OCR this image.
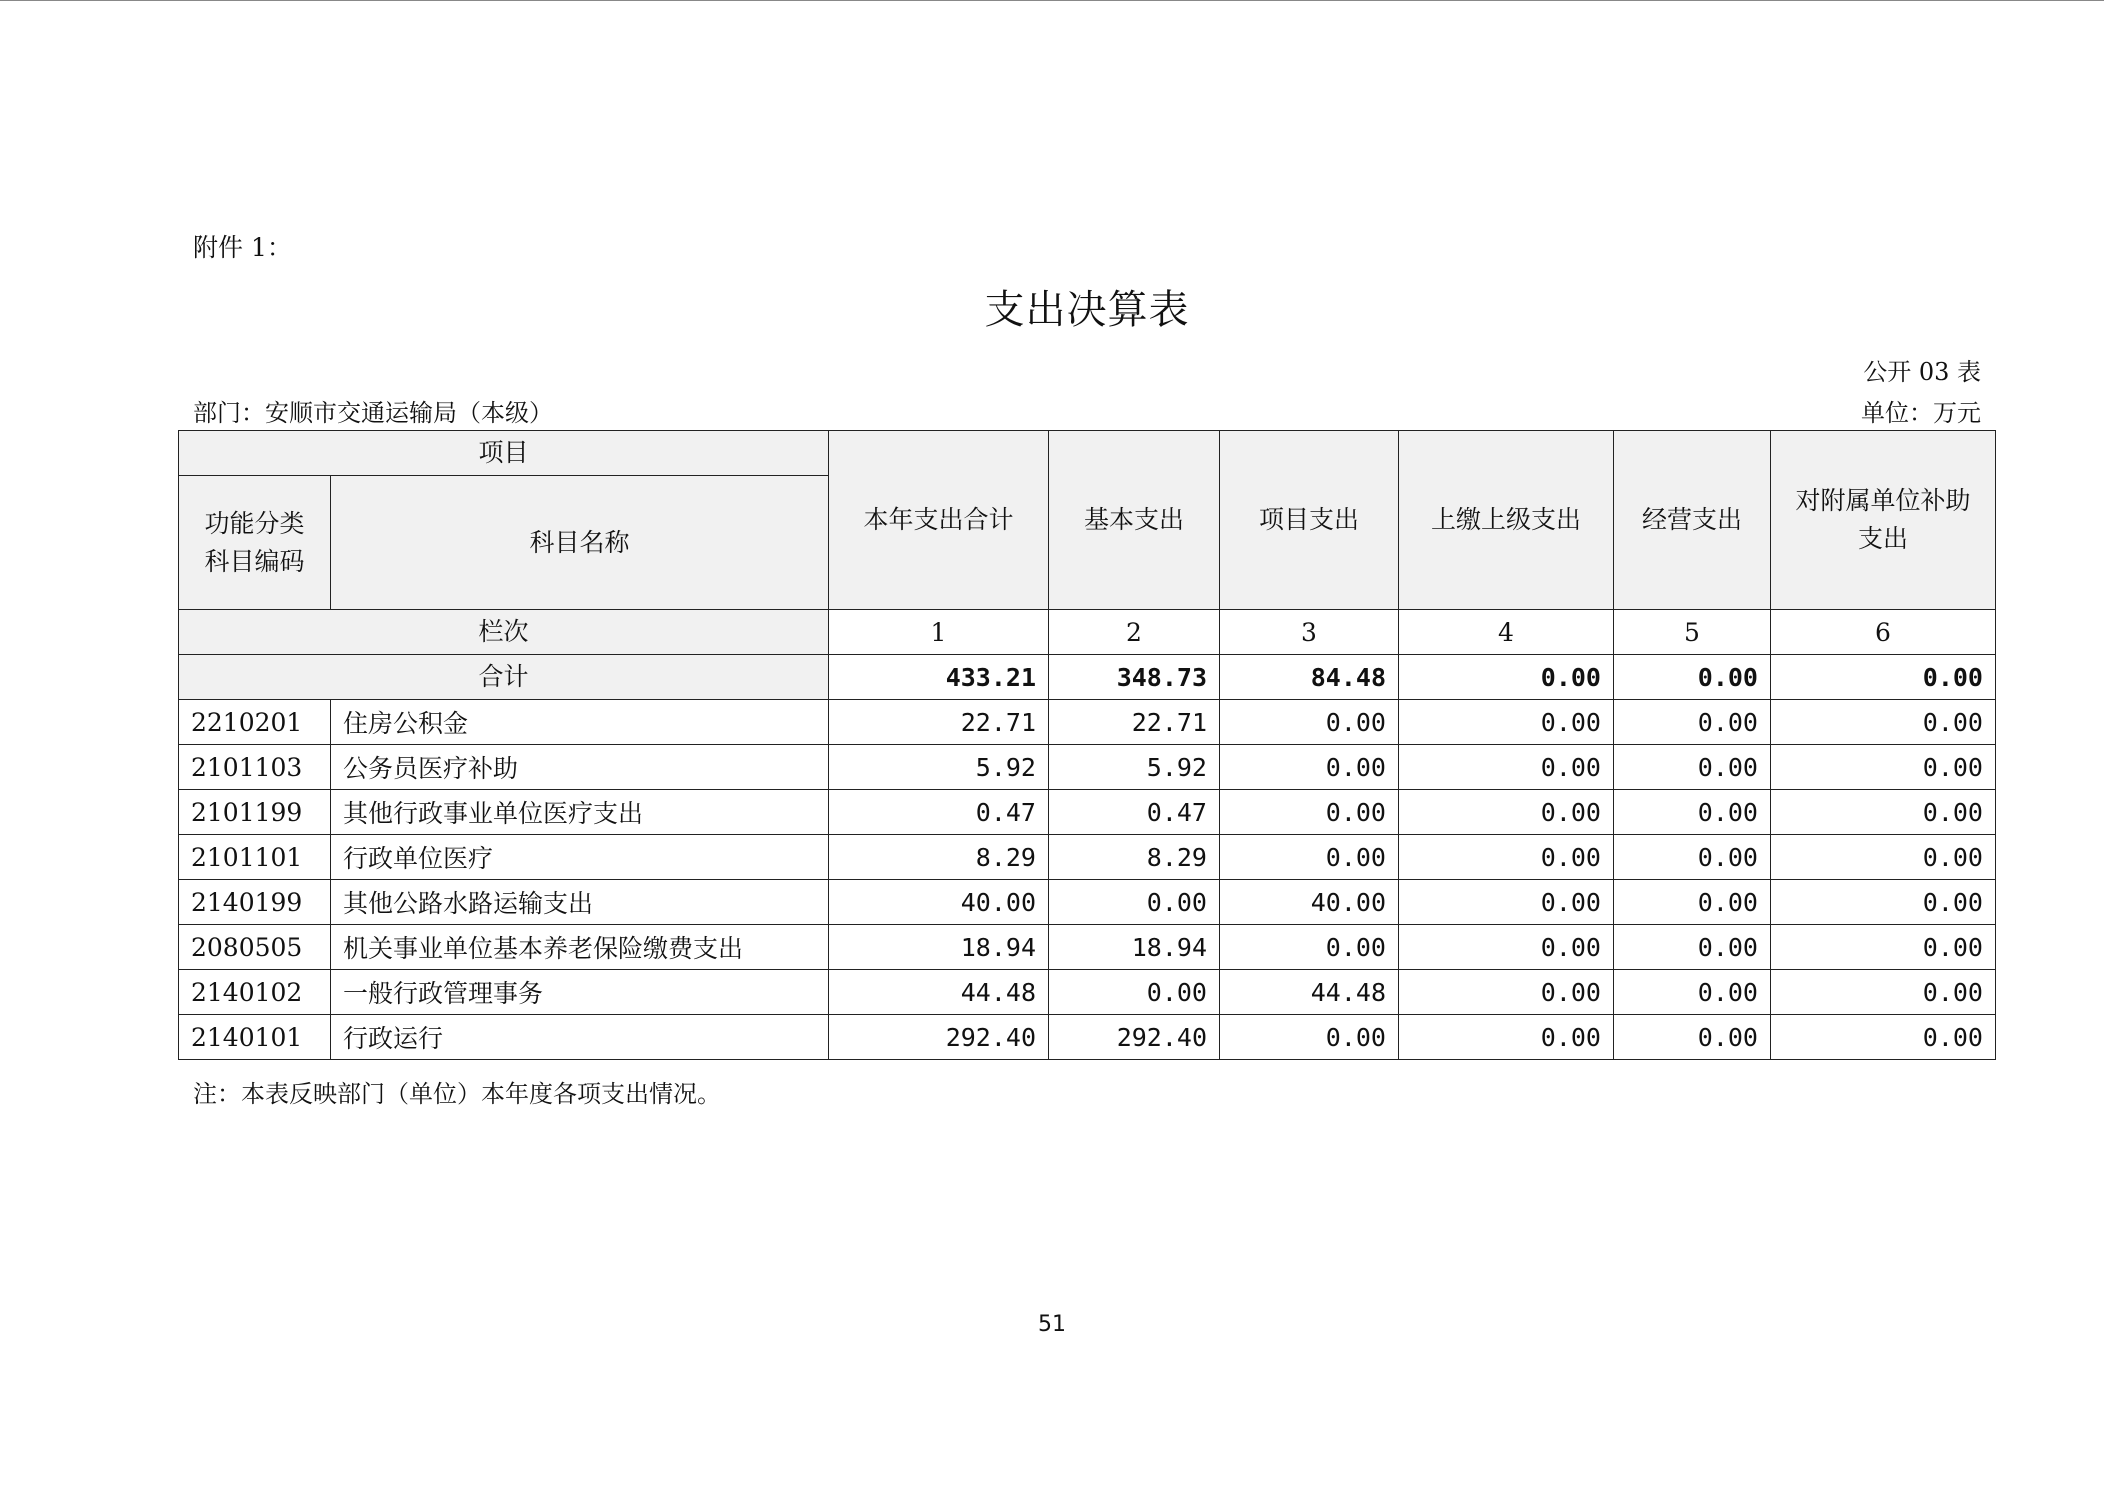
附件 1：
支出决算表
公开 03 表
部门：安顺市交通运输局（本级）	单位：万元
项目		本年支出合计	基本支出	项目支出	上缴上级支出	经营支出	对附属单位补助支出
功能分类科目编码	科目名称						
栏次		1	2	3	4	5	6
合计		433.21	348.73	84.48	0.00	0.00	0.00
2210201	住房公积金	22.71	22.71	0.00	0.00	0.00	0.00
2101103	公务员医疗补助	5.92	5.92	0.00	0.00	0.00	0.00
2101199	其他行政事业单位医疗支出	0.47	0.47	0.00	0.00	0.00	0.00
2101101	行政单位医疗	8.29	8.29	0.00	0.00	0.00	0.00
2140199	其他公路水路运输支出	40.00	0.00	40.00	0.00	0.00	0.00
2080505	机关事业单位基本养老保险缴费支出	18.94	18.94	0.00	0.00	0.00	0.00
2140102	一般行政管理事务	44.48	0.00	44.48	0.00	0.00	0.00
2140101	行政运行	292.40	292.40	0.00	0.00	0.00	0.00
注：本表反映部门（单位）本年度各项支出情况。
51
